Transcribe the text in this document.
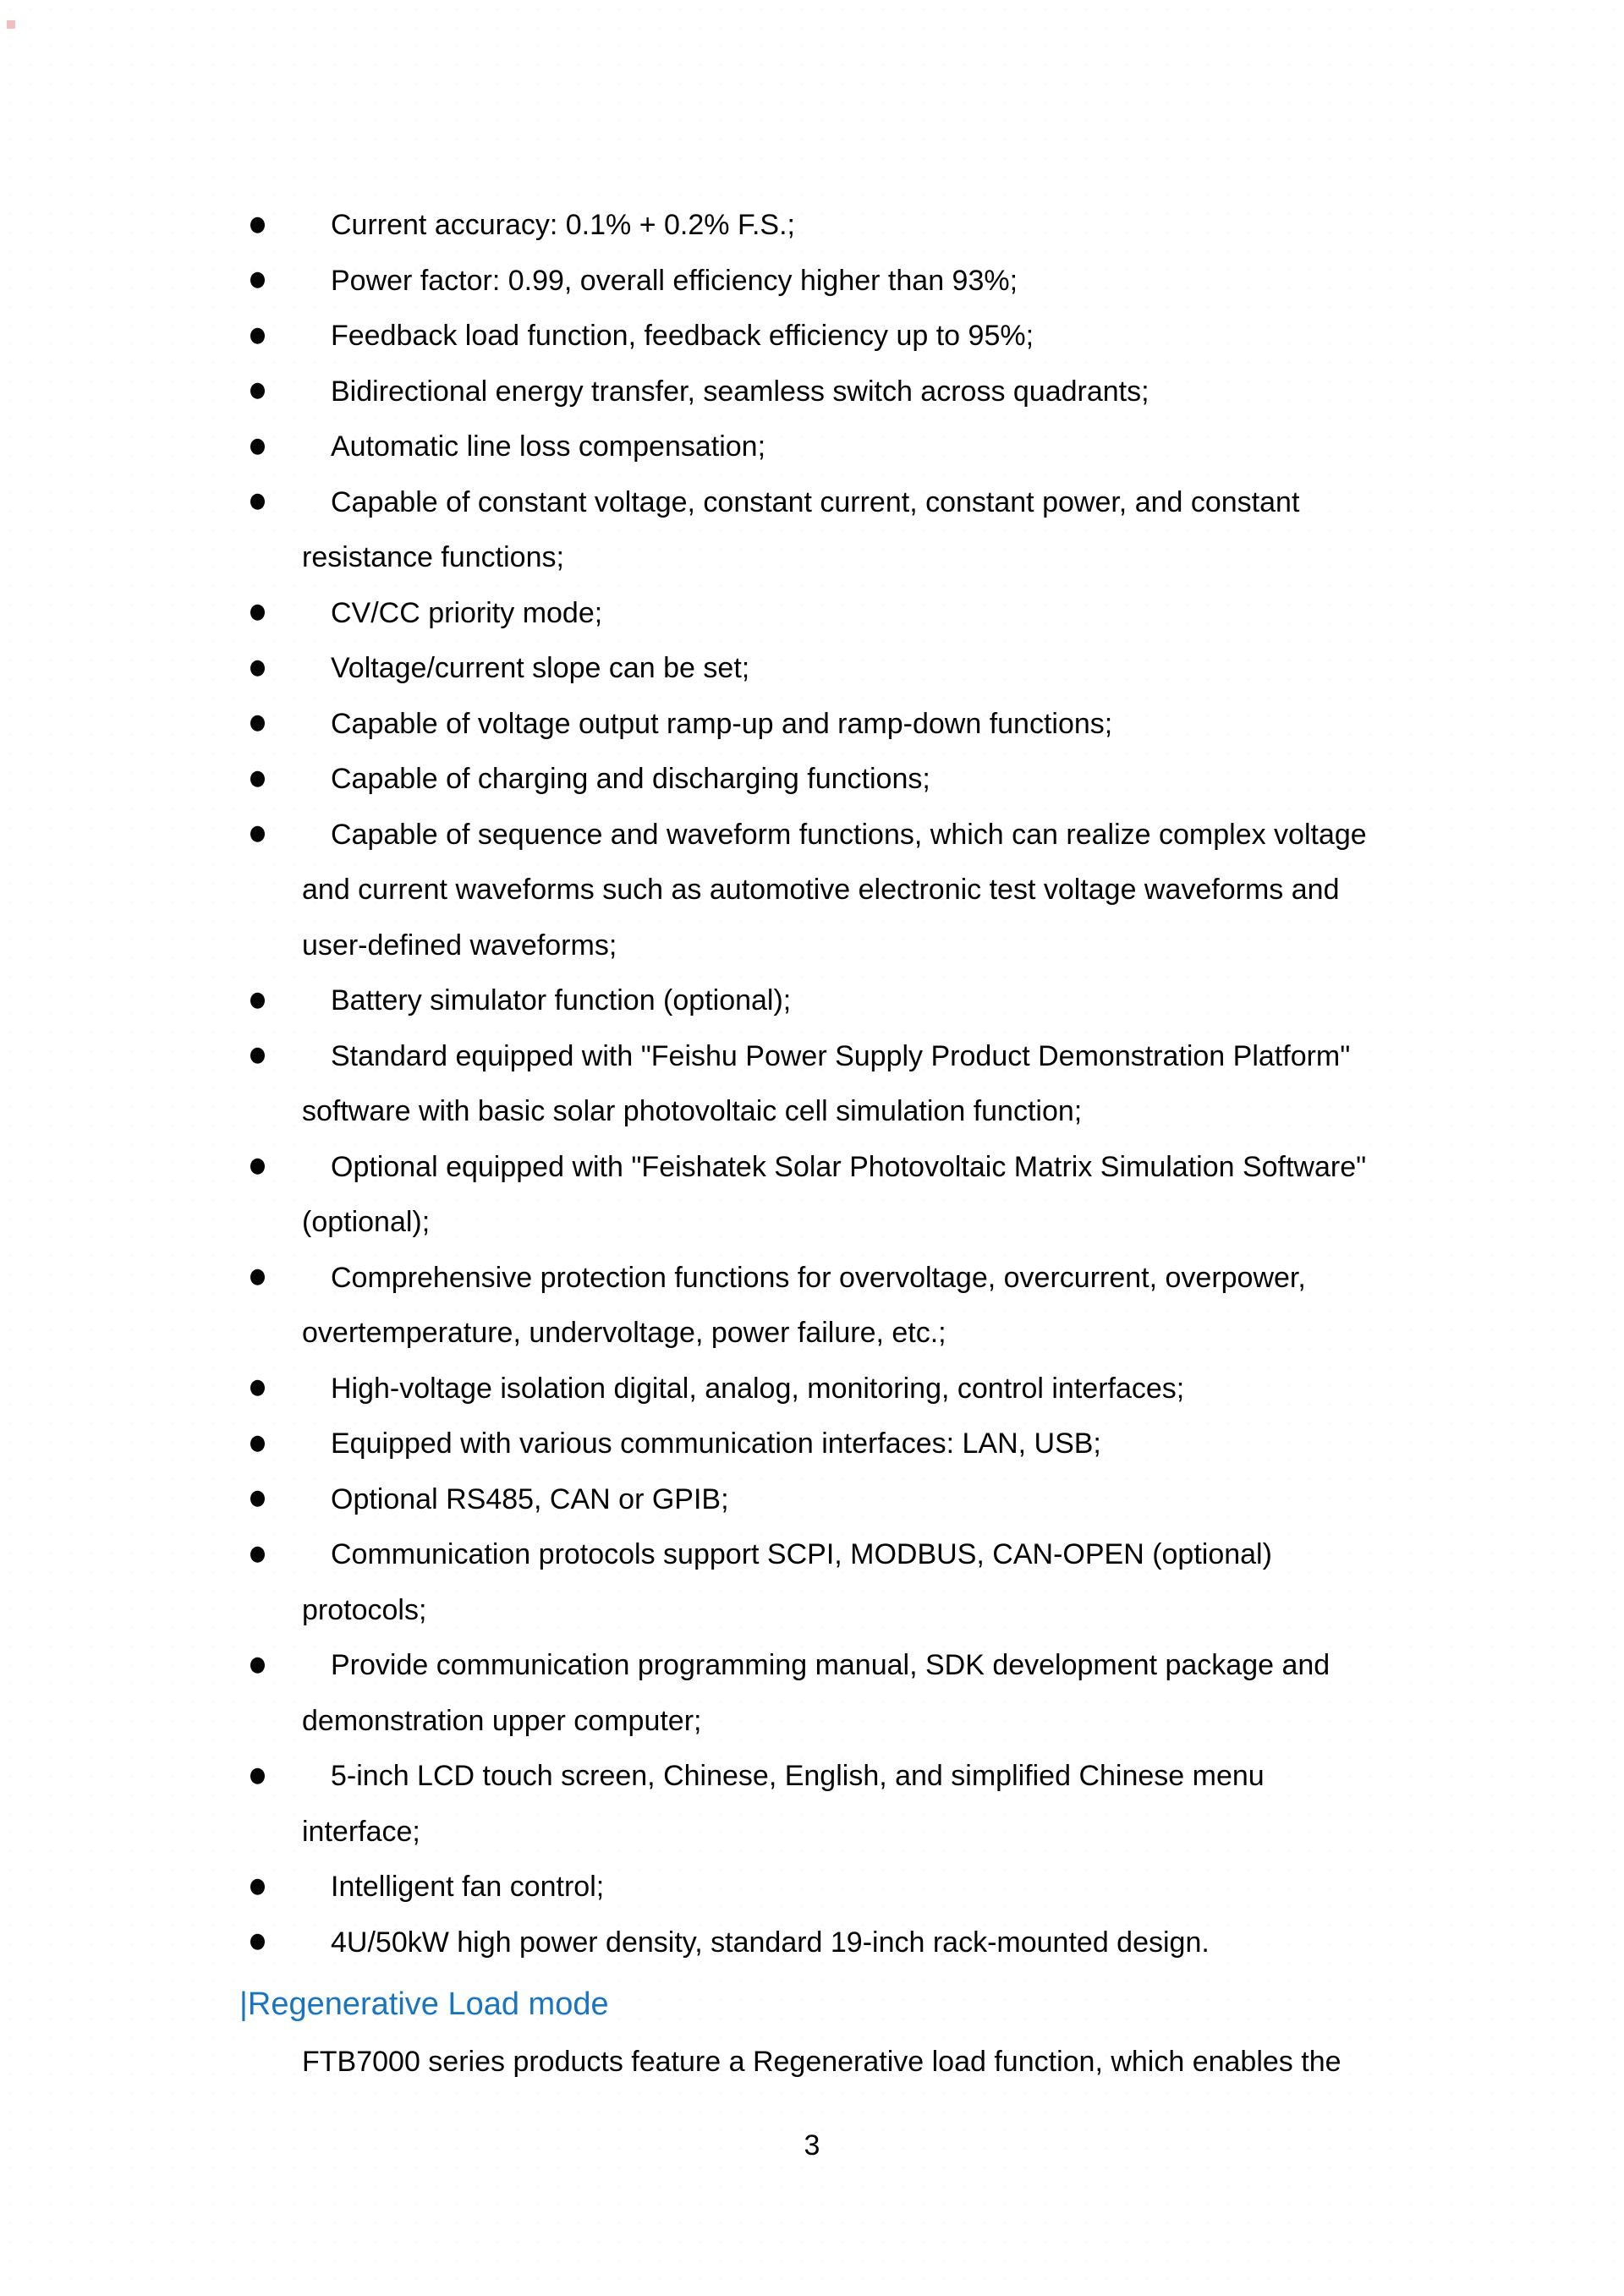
Current accuracy: 0.1% + 0.2% F.S.;
Power factor: 0.99, overall efficiency higher than 93%;
Feedback load function, feedback efficiency up to 95%;
Bidirectional energy transfer, seamless switch across quadrants;
Automatic line loss compensation;
Capable of constant voltage, constant current, constant power, and constant
resistance functions;
CV/CC priority mode;
Voltage/current slope can be set;
Capable of voltage output ramp-up and ramp-down functions;
Capable of charging and discharging functions;
Capable of sequence and waveform functions, which can realize complex voltage
and current waveforms such as automotive electronic test voltage waveforms and
user-defined waveforms;
Battery simulator function (optional);
Standard equipped with "Feishu Power Supply Product Demonstration Platform"
software with basic solar photovoltaic cell simulation function;
Optional equipped with "Feishatek Solar Photovoltaic Matrix Simulation Software"
(optional);
Comprehensive protection functions for overvoltage, overcurrent, overpower,
overtemperature, undervoltage, power failure, etc.;
High-voltage isolation digital, analog, monitoring, control interfaces;
Equipped with various communication interfaces: LAN, USB;
Optional RS485, CAN or GPIB;
Communication protocols support SCPI, MODBUS, CAN-OPEN (optional)
protocols;
Provide communication programming manual, SDK development package and
demonstration upper computer;
5-inch LCD touch screen, Chinese, English, and simplified Chinese menu
interface;
Intelligent fan control;
4U/50kW high power density, standard 19-inch rack-mounted design.
|Regenerative Load mode
FTB7000 series products feature a Regenerative load function, which enables the
3
